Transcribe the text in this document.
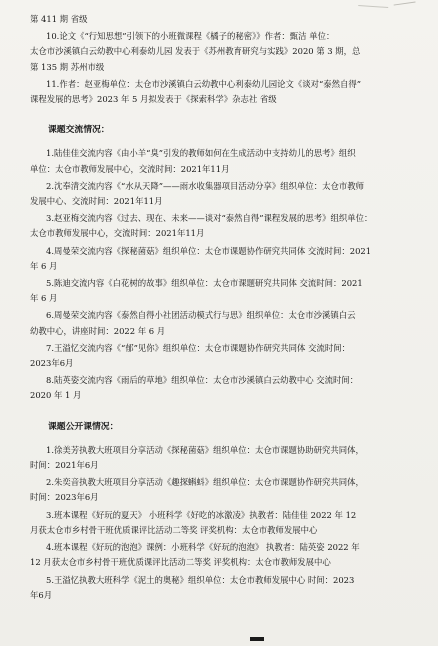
第 411 期 省级
10.论文《“行知思想”引领下的小班微课程《橘子的秘密》》作者：甄洁 单位：
太仓市沙溪镇白云幼教中心利泰幼儿园 发表于《苏州教育研究与实践》2020 第 3 期，总
第 135 期 苏州市级
11.作者：赵亚梅单位：太仓市沙溪镇白云幼教中心利泰幼儿园论文《谈对“泰然自得”
课程发展的思考》2023 年 5 月拟发表于《探索科学》杂志社 省级
课题交流情况：
1.陆佳佳交流内容《由小羊“臭”引发的教师如何在生成活动中支持幼儿的思考》组织
单位：太仓市教师发展中心，交流时间：2021年11月
2.沈奉清交流内容《“水从天降”——雨水收集器项目活动分享》组织单位：太仓市教师
发展中心、交流时间：2021年11月
3.赵亚梅交流内容《过去、现在、未来——谈对“泰然自得”课程发展的思考》组织单位：
太仓市教师发展中心，交流时间：2021年11月
4.周曼荣交流内容《探秘菌菇》组织单位：太仓市课题协作研究共同体 交流时间：2021
年 6 月
5.陈迪交流内容《白花树的故事》组织单位：太仓市课题研究共同体 交流时间：2021
年 6 月
6.周曼荣交流内容《泰然自得小社团活动模式行与思》组织单位：太仓市沙溪镇白云
幼教中心，讲座时间：2022 年 6 月
7.王溢忆交流内容《“郁”见你》组织单位：太仓市课题协作研究共同体 交流时间：
2023年6月
8.陆英姿交流内容《雨后的草地》组织单位：太仓市沙溪镇白云幼教中心 交流时间：
2020 年 1 月
课题公开课情况：
1.徐美芳执教大班项目分享活动《探秘菌菇》组织单位：太仓市课题协助研究共同体，
时间：2021年6月
2.朱奕音执教大班项目分享活动《趣探蝌蚪》组织单位：太仓市课题协作研究共同体，
时间：2023年6月
3.班本课程《好玩的夏天》 小班科学《好吃的冰激凌》执教者：陆佳佳 2022 年 12
月获太仓市乡村骨干班优质课评比活动二等奖 评奖机构：太仓市教师发展中心
4.班本课程《好玩的泡泡》课例：小班科学《好玩的泡泡》 执教者：陆英姿 2022 年
12 月获太仓市乡村骨干班优质课评比活动二等奖 评奖机构：太仓市教师发展中心
5.王溢忆执教大班科学《泥土的奥秘》组织单位：太仓市教师发展中心 时间：2023
年6月
